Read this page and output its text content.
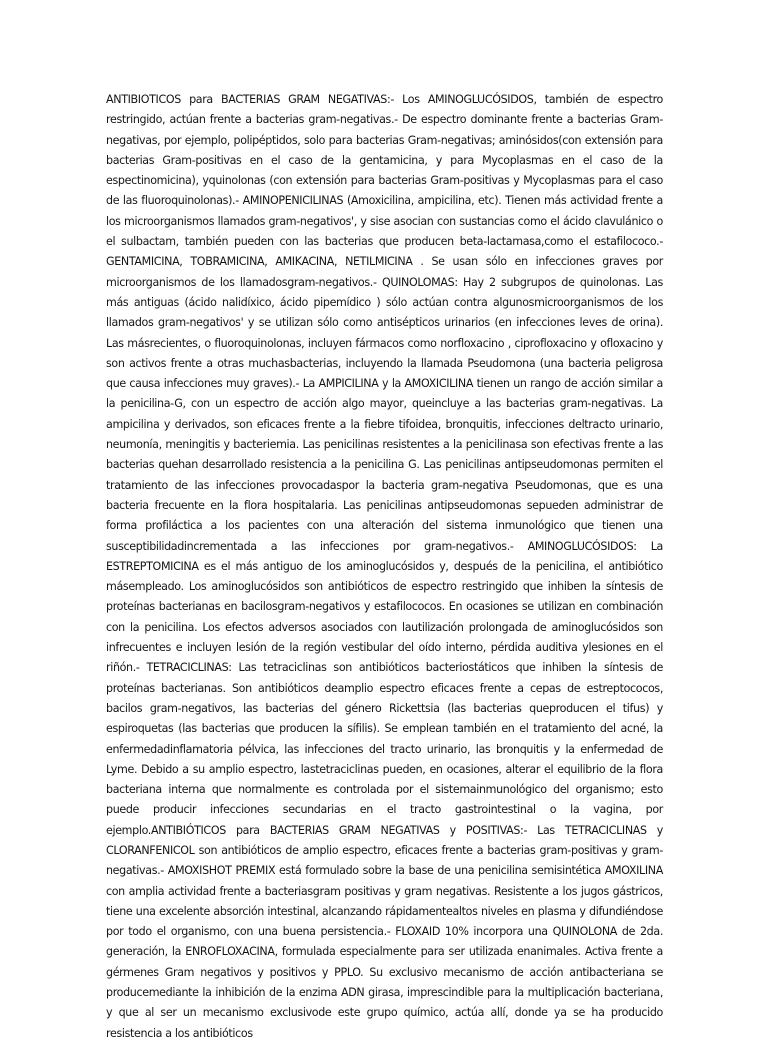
ANTIBIOTICOS para BACTERIAS GRAM NEGATIVAS:- Los AMINOGLUCÓSIDOS, también de espectro restringido, actúan frente a bacterias gram-negativas.- De espectro dominante frente a bacterias Gram-negativas, por ejemplo, polipéptidos, solo para bacterias Gram-negativas; aminósidos(con extensión para bacterias Gram-positivas en el caso de la gentamicina, y para Mycoplasmas en el caso de la espectinomicina), yquinolonas (con extensión para bacterias Gram-positivas y Mycoplasmas para el caso de las fluoroquinolonas).- AMINOPENICILINAS (Amoxicilina, ampicilina, etc). Tienen más actividad frente a los microorganismos llamados gram-negativos', y sise asocian con sustancias como el ácido clavulánico o el sulbactam, también pueden con las bacterias que producen beta-lactamasa,como el estafilococo.- GENTAMICINA, TOBRAMICINA, AMIKACINA, NETILMICINA . Se usan sólo en infecciones graves por microorganismos de los llamadosgram-negativos.- QUINOLOMAS: Hay 2 subgrupos de quinolonas. Las más antiguas (ácido nalidíxico, ácido pipemídico ) sólo actúan contra algunosmicroorganismos de los llamados gram-negativos' y se utilizan sólo como antisépticos urinarios (en infecciones leves de orina). Las másrecientes, o fluoroquinolonas, incluyen fármacos como norfloxacino , ciprofloxacino y ofloxacino y son activos frente a otras muchasbacterias, incluyendo la llamada Pseudomona (una bacteria peligrosa que causa infecciones muy graves).- La AMPICILINA y la AMOXICILINA tienen un rango de acción similar a la penicilina-G, con un espectro de acción algo mayor, queincluye a las bacterias gram-negativas. La ampicilina y derivados, son eficaces frente a la fiebre tifoidea, bronquitis, infecciones deltracto urinario, neumonía, meningitis y bacteriemia. Las penicilinas resistentes a la penicilinasa son efectivas frente a las bacterias quehan desarrollado resistencia a la penicilina G. Las penicilinas antipseudomonas permiten el tratamiento de las infecciones provocadaspor la bacteria gram-negativa Pseudomonas, que es una bacteria frecuente en la flora hospitalaria. Las penicilinas antipseudomonas sepueden administrar de forma profiláctica a los pacientes con una alteración del sistema inmunológico que tienen una susceptibilidadincrementada a las infecciones por gram-negativos.- AMINOGLUCÓSIDOS: La ESTREPTOMICINA es el más antiguo de los aminoglucósidos y, después de la penicilina, el antibiótico másempleado. Los aminoglucósidos son antibióticos de espectro restringido que inhiben la síntesis de proteínas bacterianas en bacilosgram-negativos y estafilococos. En ocasiones se utilizan en combinación con la penicilina. Los efectos adversos asociados con lautilización prolongada de aminoglucósidos son infrecuentes e incluyen lesión de la región vestibular del oído interno, pérdida auditiva ylesiones en el riñón.- TETRACICLINAS: Las tetraciclinas son antibióticos bacteriostáticos que inhiben la síntesis de proteínas bacterianas. Son antibióticos deamplio espectro eficaces frente a cepas de estreptococos, bacilos gram-negativos, las bacterias del género Rickettsia (las bacterias queproducen el tifus) y espiroquetas (las bacterias que producen la sífilis). Se emplean también en el tratamiento del acné, la enfermedadinflamatoria pélvica, las infecciones del tracto urinario, las bronquitis y la enfermedad de Lyme. Debido a su amplio espectro, lastetraciclinas pueden, en ocasiones, alterar el equilibrio de la flora bacteriana interna que normalmente es controlada por el sistemainmunológico del organismo; esto puede producir infecciones secundarias en el tracto gastrointestinal o la vagina, por ejemplo.ANTIBIÓTICOS para BACTERIAS GRAM NEGATIVAS y POSITIVAS:- Las TETRACICLINAS y CLORANFENICOL son antibióticos de amplio espectro, eficaces frente a bacterias gram-positivas y gram-negativas.- AMOXISHOT PREMIX está formulado sobre la base de una penicilina semisintética AMOXILINA con amplia actividad frente a bacteriasgram positivas y gram negativas. Resistente a los jugos gástricos, tiene una excelente absorción intestinal, alcanzando rápidamentealtos niveles en plasma y difundiéndose por todo el organismo, con una buena persistencia.- FLOXAID 10% incorpora una QUINOLONA de 2da. generación, la ENROFLOXACINA, formulada especialmente para ser utilizada enanimales. Activa frente a gérmenes Gram negativos y positivos y PPLO. Su exclusivo mecanismo de acción antibacteriana se producemediante la inhibición de la enzima ADN girasa, imprescindible para la multiplicación bacteriana, y que al ser un mecanismo exclusivode este grupo químico, actúa allí, donde ya se ha producido resistencia a los antibióticos
